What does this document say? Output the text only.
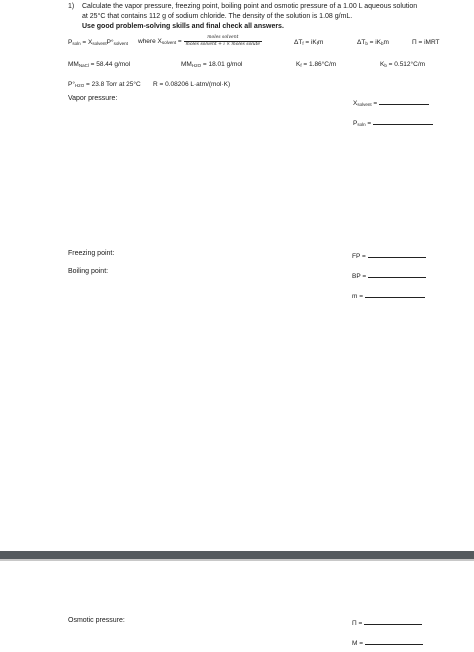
1) Calculate the vapor pressure, freezing point, boiling point and osmotic pressure of a 1.00 L aqueous solution
at 25°C that contains 112 g of sodium chloride. The density of the solution is 1.08 g/mL.
Use good problem-solving skills and final check all answers.
$P_{soln} = X_{solvent}P^\circ_{solvent}$ where $X_{solvent} = \frac{\text{moles solvent}}{\text{moles solvent + i × moles solute}}$	$\Delta T_f = iK_fm$	$\Delta T_b = iK_bm$	Π = iMRT
$MM_{NaCl} = 58.44$ g/mol	$MM_{H2O} = 18.01$ g/mol	$K_f = 1.86^\circ C/m$	$K_b = 0.512^\circ C/m$
$P^\circ_{H2O} = 23.8$ Torr at 25°C R = 0.08206 L·atm/(mol·K)
Vapor pressure:
$X_{solvent}$ =
$P_{soln}$ =
Freezing point:	FP =
Boiling point:
BP =
m =
Osmotic pressure:	Π =
M =
